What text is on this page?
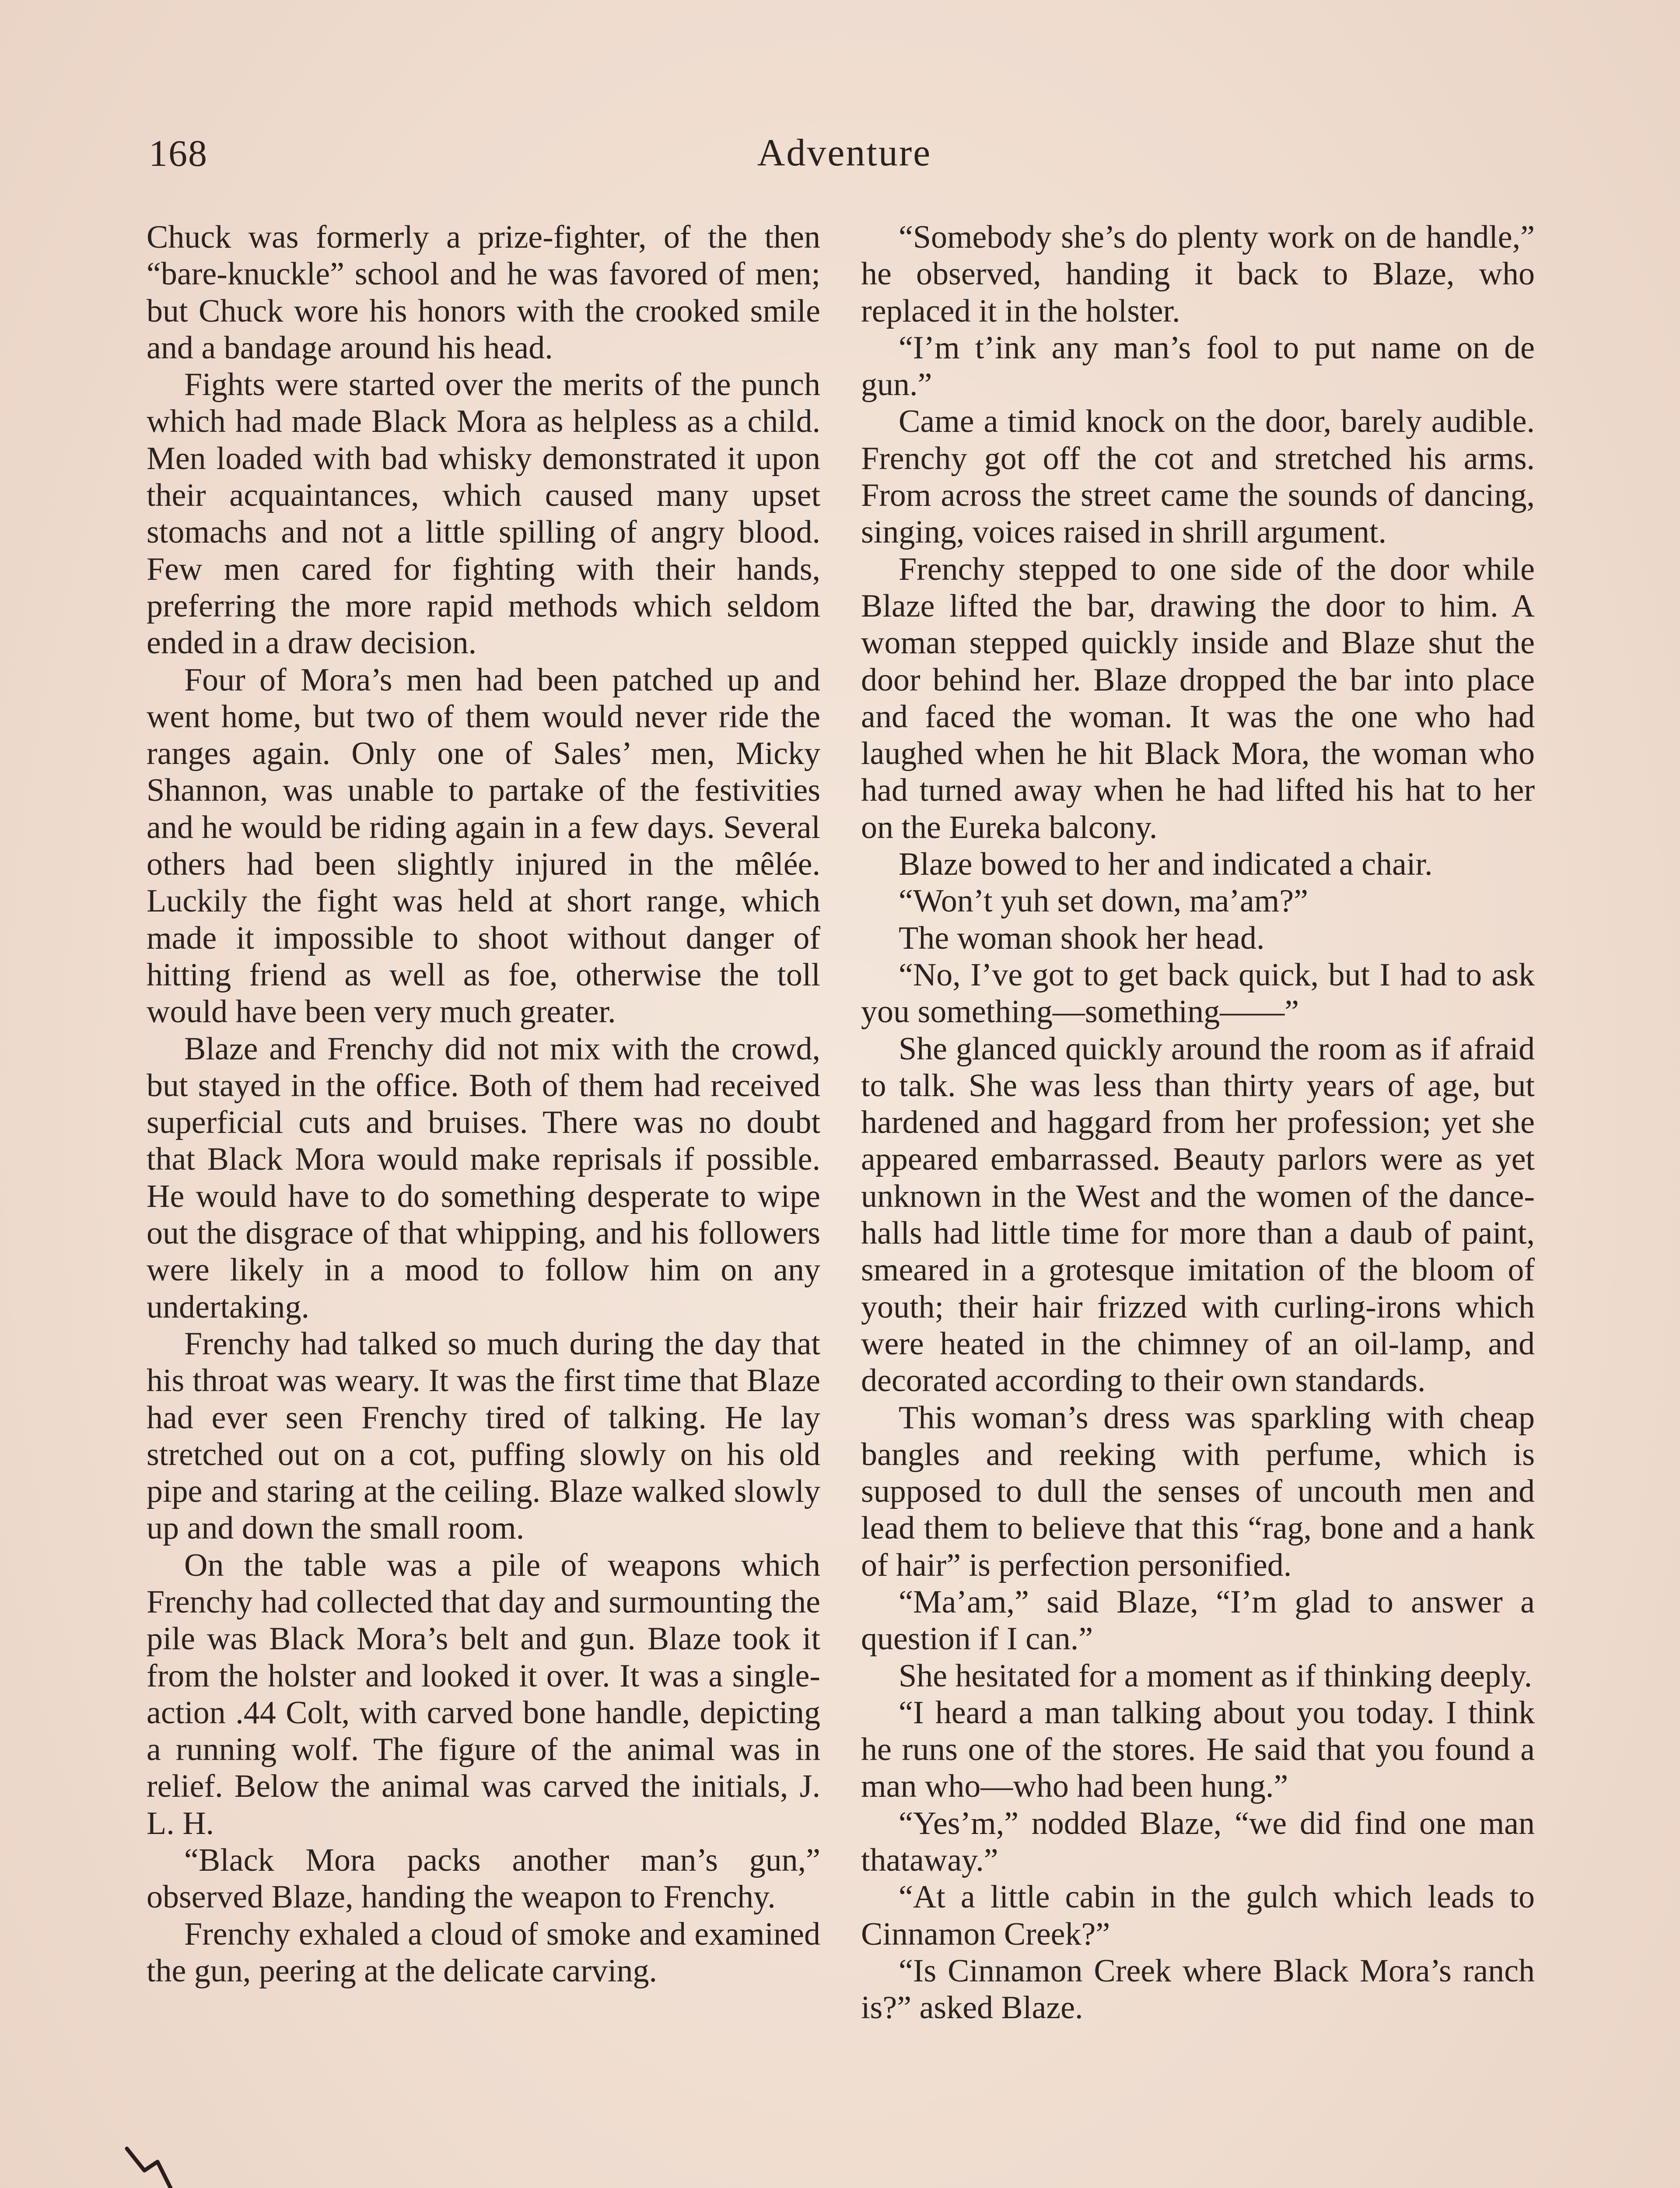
168	Adventure

Chuck was formerly a prize-fighter, of the then “bare-knuckle” school and he was favored of men; but Chuck wore his honors with the crooked smile and a bandage around his head.

Fights were started over the merits of the punch which had made Black Mora as helpless as a child. Men loaded with bad whisky demonstrated it upon their acquaintances, which caused many upset stomachs and not a little spilling of angry blood. Few men cared for fighting with their hands, preferring the more rapid methods which seldom ended in a draw decision.

Four of Mora’s men had been patched up and went home, but two of them would never ride the ranges again. Only one of Sales’ men, Micky Shannon, was unable to partake of the festivities and he would be riding again in a few days. Several others had been slightly injured in the mêlée. Luckily the fight was held at short range, which made it impossible to shoot without danger of hitting friend as well as foe, otherwise the toll would have been very much greater.

Blaze and Frenchy did not mix with the crowd, but stayed in the office. Both of them had received superficial cuts and bruises. There was no doubt that Black Mora would make reprisals if possible. He would have to do something desperate to wipe out the disgrace of that whipping, and his followers were likely in a mood to follow him on any undertaking.

Frenchy had talked so much during the day that his throat was weary. It was the first time that Blaze had ever seen Frenchy tired of talking. He lay stretched out on a cot, puffing slowly on his old pipe and staring at the ceiling. Blaze walked slowly up and down the small room.

On the table was a pile of weapons which Frenchy had collected that day and surmounting the pile was Black Mora’s belt and gun. Blaze took it from the holster and looked it over. It was a single-action .44 Colt, with carved bone handle, depicting a running wolf. The figure of the animal was in relief. Below the animal was carved the initials, J. L. H.

“Black Mora packs another man’s gun,” observed Blaze, handing the weapon to Frenchy.

Frenchy exhaled a cloud of smoke and examined the gun, peering at the delicate carving.

“Somebody she’s do plenty work on de handle,” he observed, handing it back to Blaze, who replaced it in the holster.

“I’m t’ink any man’s fool to put name on de gun.”

Came a timid knock on the door, barely audible. Frenchy got off the cot and stretched his arms. From across the street came the sounds of dancing, singing, voices raised in shrill argument.

Frenchy stepped to one side of the door while Blaze lifted the bar, drawing the door to him. A woman stepped quickly inside and Blaze shut the door behind her. Blaze dropped the bar into place and faced the woman. It was the one who had laughed when he hit Black Mora, the woman who had turned away when he had lifted his hat to her on the Eureka balcony.

Blaze bowed to her and indicated a chair.

“Won’t yuh set down, ma’am?”

The woman shook her head.

“No, I’ve got to get back quick, but I had to ask you something—something——”

She glanced quickly around the room as if afraid to talk. She was less than thirty years of age, but hardened and haggard from her profession; yet she appeared embarrassed. Beauty parlors were as yet unknown in the West and the women of the dance-halls had little time for more than a daub of paint, smeared in a grotesque imitation of the bloom of youth; their hair frizzed with curling-irons which were heated in the chimney of an oil-lamp, and decorated according to their own standards.

This woman’s dress was sparkling with cheap bangles and reeking with perfume, which is supposed to dull the senses of uncouth men and lead them to believe that this “rag, bone and a hank of hair” is perfection personified.

“Ma’am,” said Blaze, “I’m glad to answer a question if I can.”

She hesitated for a moment as if thinking deeply.

“I heard a man talking about you today. I think he runs one of the stores. He said that you found a man who—who had been hung.”

“Yes’m,” nodded Blaze, “we did find one man thataway.”

“At a little cabin in the gulch which leads to Cinnamon Creek?”

“Is Cinnamon Creek where Black Mora’s ranch is?” asked Blaze.
